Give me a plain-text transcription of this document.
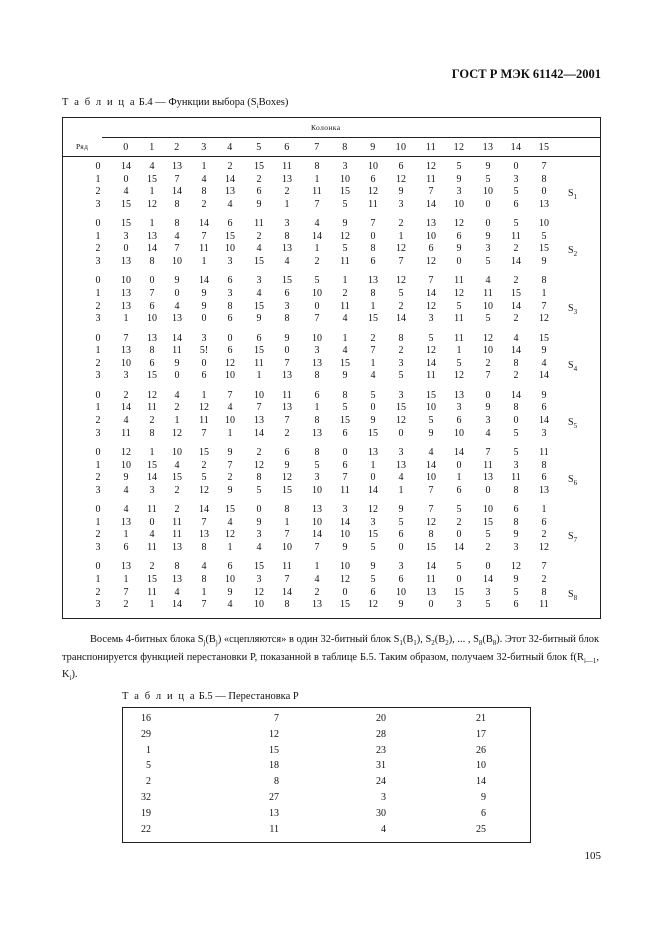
ГОСТ Р МЭК 61142—2001
Т а б л и ц а Б.4 — Функции выбора $(S_iBoxes)$
Колонка
Ряд	0	1	2	3	4	5	6	7	8	9	10	11	12	13	14	15
0	14	4	13	1	2	15	11	8	3	10	6	12	5	9	0	7
1	0	15	7	4	14	2	13	1	10	6	12	11	9	5	3	8
2	4	1	14	8	13	6	2	11	15	12	9	7	3	10	5	0
3	15	12	8	2	4	9	1	7	5	11	3	14	10	0	6	13
$S_1$
0	15	1	8	14	6	11	3	4	9	7	2	13	12	0	5	10
1	3	13	4	7	15	2	8	14	12	0	1	10	6	9	11	5
2	0	14	7	11	10	4	13	1	5	8	12	6	9	3	2	15
3	13	8	10	1	3	15	4	2	11	6	7	12	0	5	14	9
$S_2$
0	10	0	9	14	6	3	15	5	1	13	12	7	11	4	2	8
1	13	7	0	9	3	4	6	10	2	8	5	14	12	11	15	1
2	13	6	4	9	8	15	3	0	11	1	2	12	5	10	14	7
3	1	10	13	0	6	9	8	7	4	15	14	3	11	5	2	12
$S_3$
0	7	13	14	3	0	6	9	10	1	2	8	5	11	12	4	15
1	13	8	11	5!	6	15	0	3	4	7	2	12	1	10	14	9
2	10	6	9	0	12	11	7	13	15	1	3	14	5	2	8	4
3	3	15	0	6	10	1	13	8	9	4	5	11	12	7	2	14
$S_4$
0	2	12	4	1	7	10	11	6	8	5	3	15	13	0	14	9
1	14	11	2	12	4	7	13	1	5	0	15	10	3	9	8	6
2	4	2	1	11	10	13	7	8	15	9	12	5	6	3	0	14
3	11	8	12	7	1	14	2	13	6	15	0	9	10	4	5	3
$S_5$
0	12	1	10	15	9	2	6	8	0	13	3	4	14	7	5	11
1	10	15	4	2	7	12	9	5	6	1	13	14	0	11	3	8
2	9	14	15	5	2	8	12	3	7	0	4	10	1	13	11	6
3	4	3	2	12	9	5	15	10	11	14	1	7	6	0	8	13
$S_6$
0	4	11	2	14	15	0	8	13	3	12	9	7	5	10	6	1
1	13	0	11	7	4	9	1	10	14	3	5	12	2	15	8	6
2	1	4	11	13	12	3	7	14	10	15	6	8	0	5	9	2
3	6	11	13	8	1	4	10	7	9	5	0	15	14	2	3	12
$S_7$
0	13	2	8	4	6	15	11	1	10	9	3	14	5	0	12	7
1	1	15	13	8	10	3	7	4	12	5	6	11	0	14	9	2
2	7	11	4	1	9	12	14	2	0	6	10	13	15	3	5	8
3	2	1	14	7	4	10	8	13	15	12	9	0	3	5	6	11
$S_8$
Восемь 4-битных блока $S_j(B_j)$ «сцепляются» в один 32-битный блок $S_1(B_1)$, $S_2(B_2)$, ... , $S_8(B_8)$. Этот 32-битный блок транспонируется функцией перестановки P, показанной в таблице Б.5. Таким образом, получаем 32-битный блок $f(R_{i—1}$, $K_i$).
Т а б л и ц а Б.5 — Перестановка P
16	7	20	21
29	12	28	17
1	15	23	26
5	18	31	10
2	8	24	14
32	27	3	9
19	13	30	6
22	11	4	25
105
